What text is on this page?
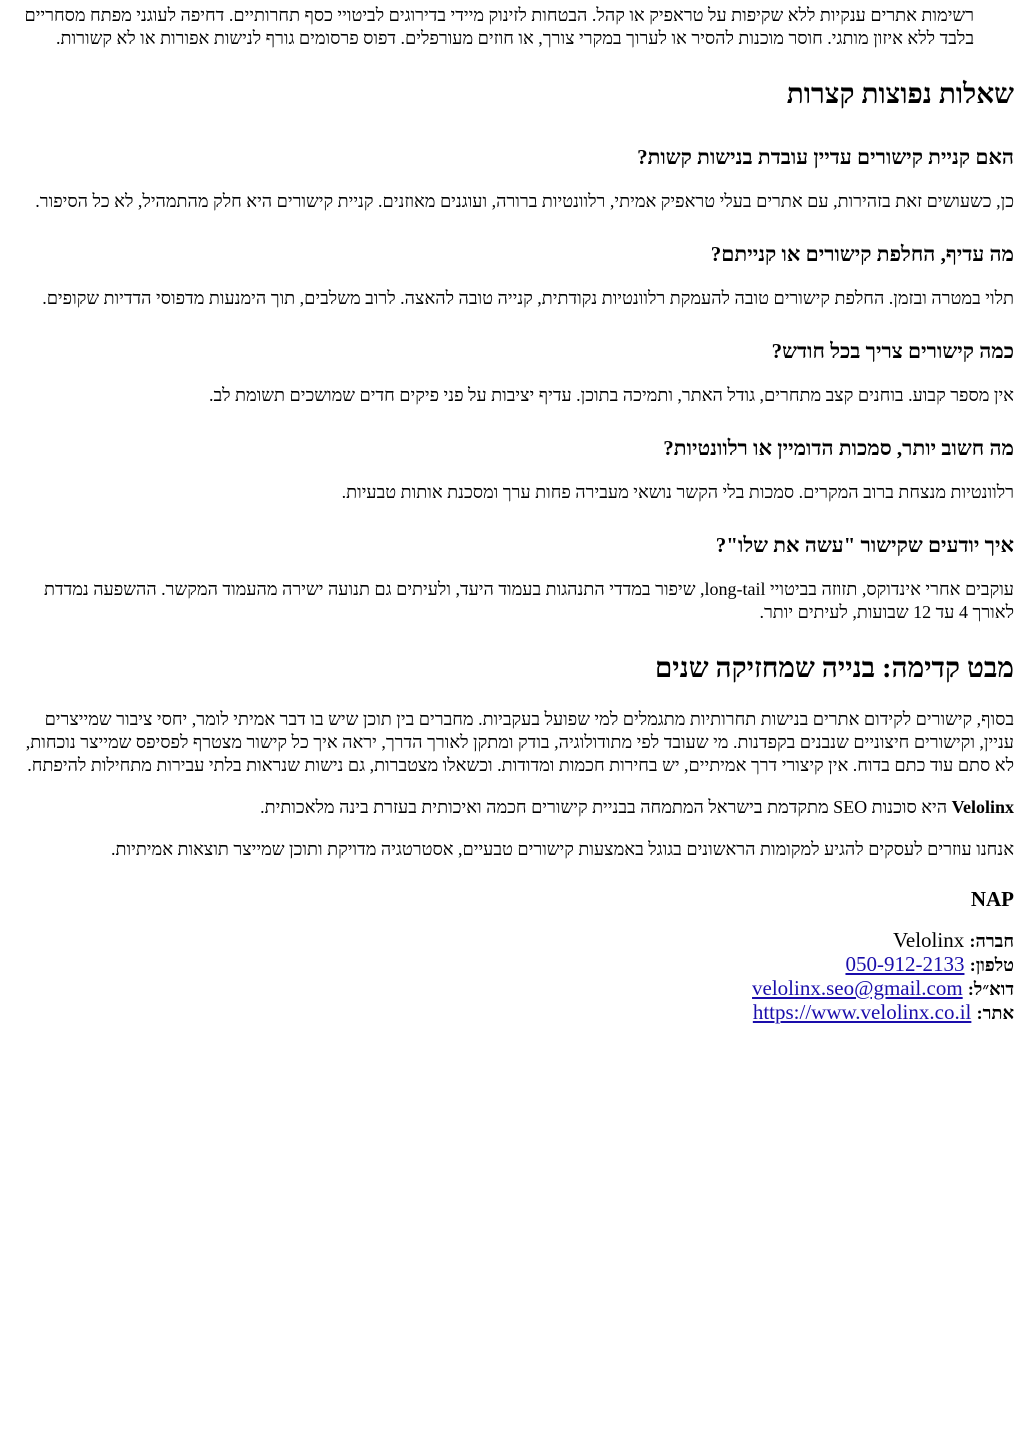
רשימות אתרים ענקיות ללא שקיפות על טראפיק או קהל. הבטחות לזינוק מיידי בדירוגים לביטויי כסף תחרותיים. דחיפה לעוגני מפתח מסחריים בלבד ללא איזון מותגי. חוסר מוכנות להסיר או לערוך במקרי צורך, או חוזים מעורפלים. דפוס פרסומים גורף לנישות אפורות או לא קשורות.

שאלות נפוצות קצרות
האם קניית קישורים עדיין עובדת בנישות קשות?

כן, כשעושים זאת בזהירות, עם אתרים בעלי טראפיק אמיתי, רלוונטיות ברורה, ועוגנים מאוזנים. קניית קישורים היא חלק מהתמהיל, לא כל הסיפור.

מה עדיף, החלפת קישורים או קנייתם?

תלוי במטרה ובזמן. החלפת קישורים טובה להעמקת רלוונטיות נקודתית, קנייה טובה להאצה. לרוב משלבים, תוך הימנעות מדפוסי הדדיות שקופים.

כמה קישורים צריך בכל חודש?

אין מספר קבוע. בוחנים קצב מתחרים, גודל האתר, ותמיכה בתוכן. עדיף יציבות על פני פיקים חדים שמושכים תשומת לב.

מה חשוב יותר, סמכות הדומיין או רלוונטיות?

רלוונטיות מנצחת ברוב המקרים. סמכות בלי הקשר נושאי מעבירה פחות ערך ומסכנת אותות טבעיות.

איך יודעים שקישור "עשה את שלו"?

עוקבים אחרי אינדוקס, תזוזה בביטויי long-tail, שיפור במדדי התנהגות בעמוד היעד, ולעיתים גם תנועה ישירה מהעמוד המקשר. ההשפעה נמדדת לאורך 4 עד 12 שבועות, לעיתים יותר.

מבט קדימה: בנייה שמחזיקה שנים

בסוף, קישורים לקידום אתרים בנישות תחרותיות מתגמלים למי שפועל בעקביות. מחברים בין תוכן שיש בו דבר אמיתי לומר, יחסי ציבור שמייצרים עניין, וקישורים חיצוניים שנבנים בקפדנות. מי שעובד לפי מתודולוגיה, בודק ומתקן לאורך הדרך, יראה איך כל קישור מצטרף לפסיפס שמייצר נוכחות, לא סתם עוד כתם בדוח. אין קיצורי דרך אמיתיים, יש בחירות חכמות ומדודות. וכשאלו מצטברות, גם נישות שנראות בלתי עבירות מתחילות להיפתח.

Velolinx היא סוכנות SEO מתקדמת בישראל המתמחה בבניית קישורים חכמה ואיכותית בעזרת בינה מלאכותית.

אנחנו עוזרים לעסקים להגיע למקומות הראשונים בגוגל באמצעות קישורים טבעיים, אסטרטגיה מדויקת ותוכן שמייצר תוצאות אמיתיות.

NAP
חברה: Velolinx
טלפון: 050-912-2133
דוא״ל: velolinx.seo@gmail.com
אתר: https://www.velolinx.co.il
